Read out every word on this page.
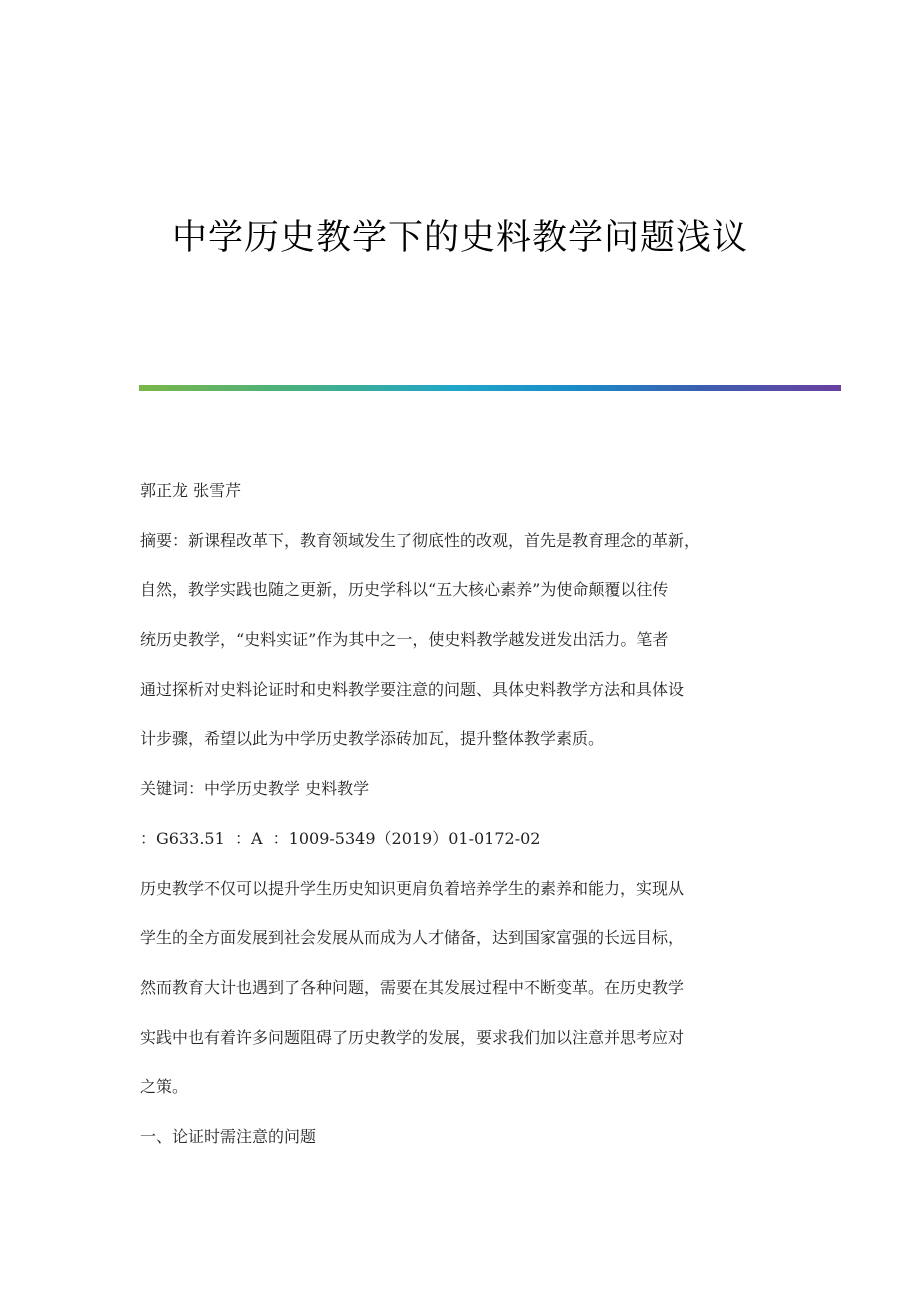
中学历史教学下的史料教学问题浅议
郭正龙 张雪芹
摘要：新课程改革下，教育领域发生了彻底性的改观，首先是教育理念的革新，
自然，教学实践也随之更新，历史学科以“五大核心素养”为使命颠覆以往传
统历史教学，“史料实证”作为其中之一，使史料教学越发迸发出活力。笔者
通过探析对史料论证时和史料教学要注意的问题、具体史料教学方法和具体设
计步骤，希望以此为中学历史教学添砖加瓦，提升整体教学素质。
关键词：中学历史教学 史料教学
：G633.51  ：A  ：1009-5349（2019）01-0172-02
历史教学不仅可以提升学生历史知识更肩负着培养学生的素养和能力，实现从
学生的全方面发展到社会发展从而成为人才储备，达到国家富强的长远目标，
然而教育大计也遇到了各种问题，需要在其发展过程中不断变革。在历史教学
实践中也有着许多问题阻碍了历史教学的发展，要求我们加以注意并思考应对
之策。
一、论证时需注意的问题
